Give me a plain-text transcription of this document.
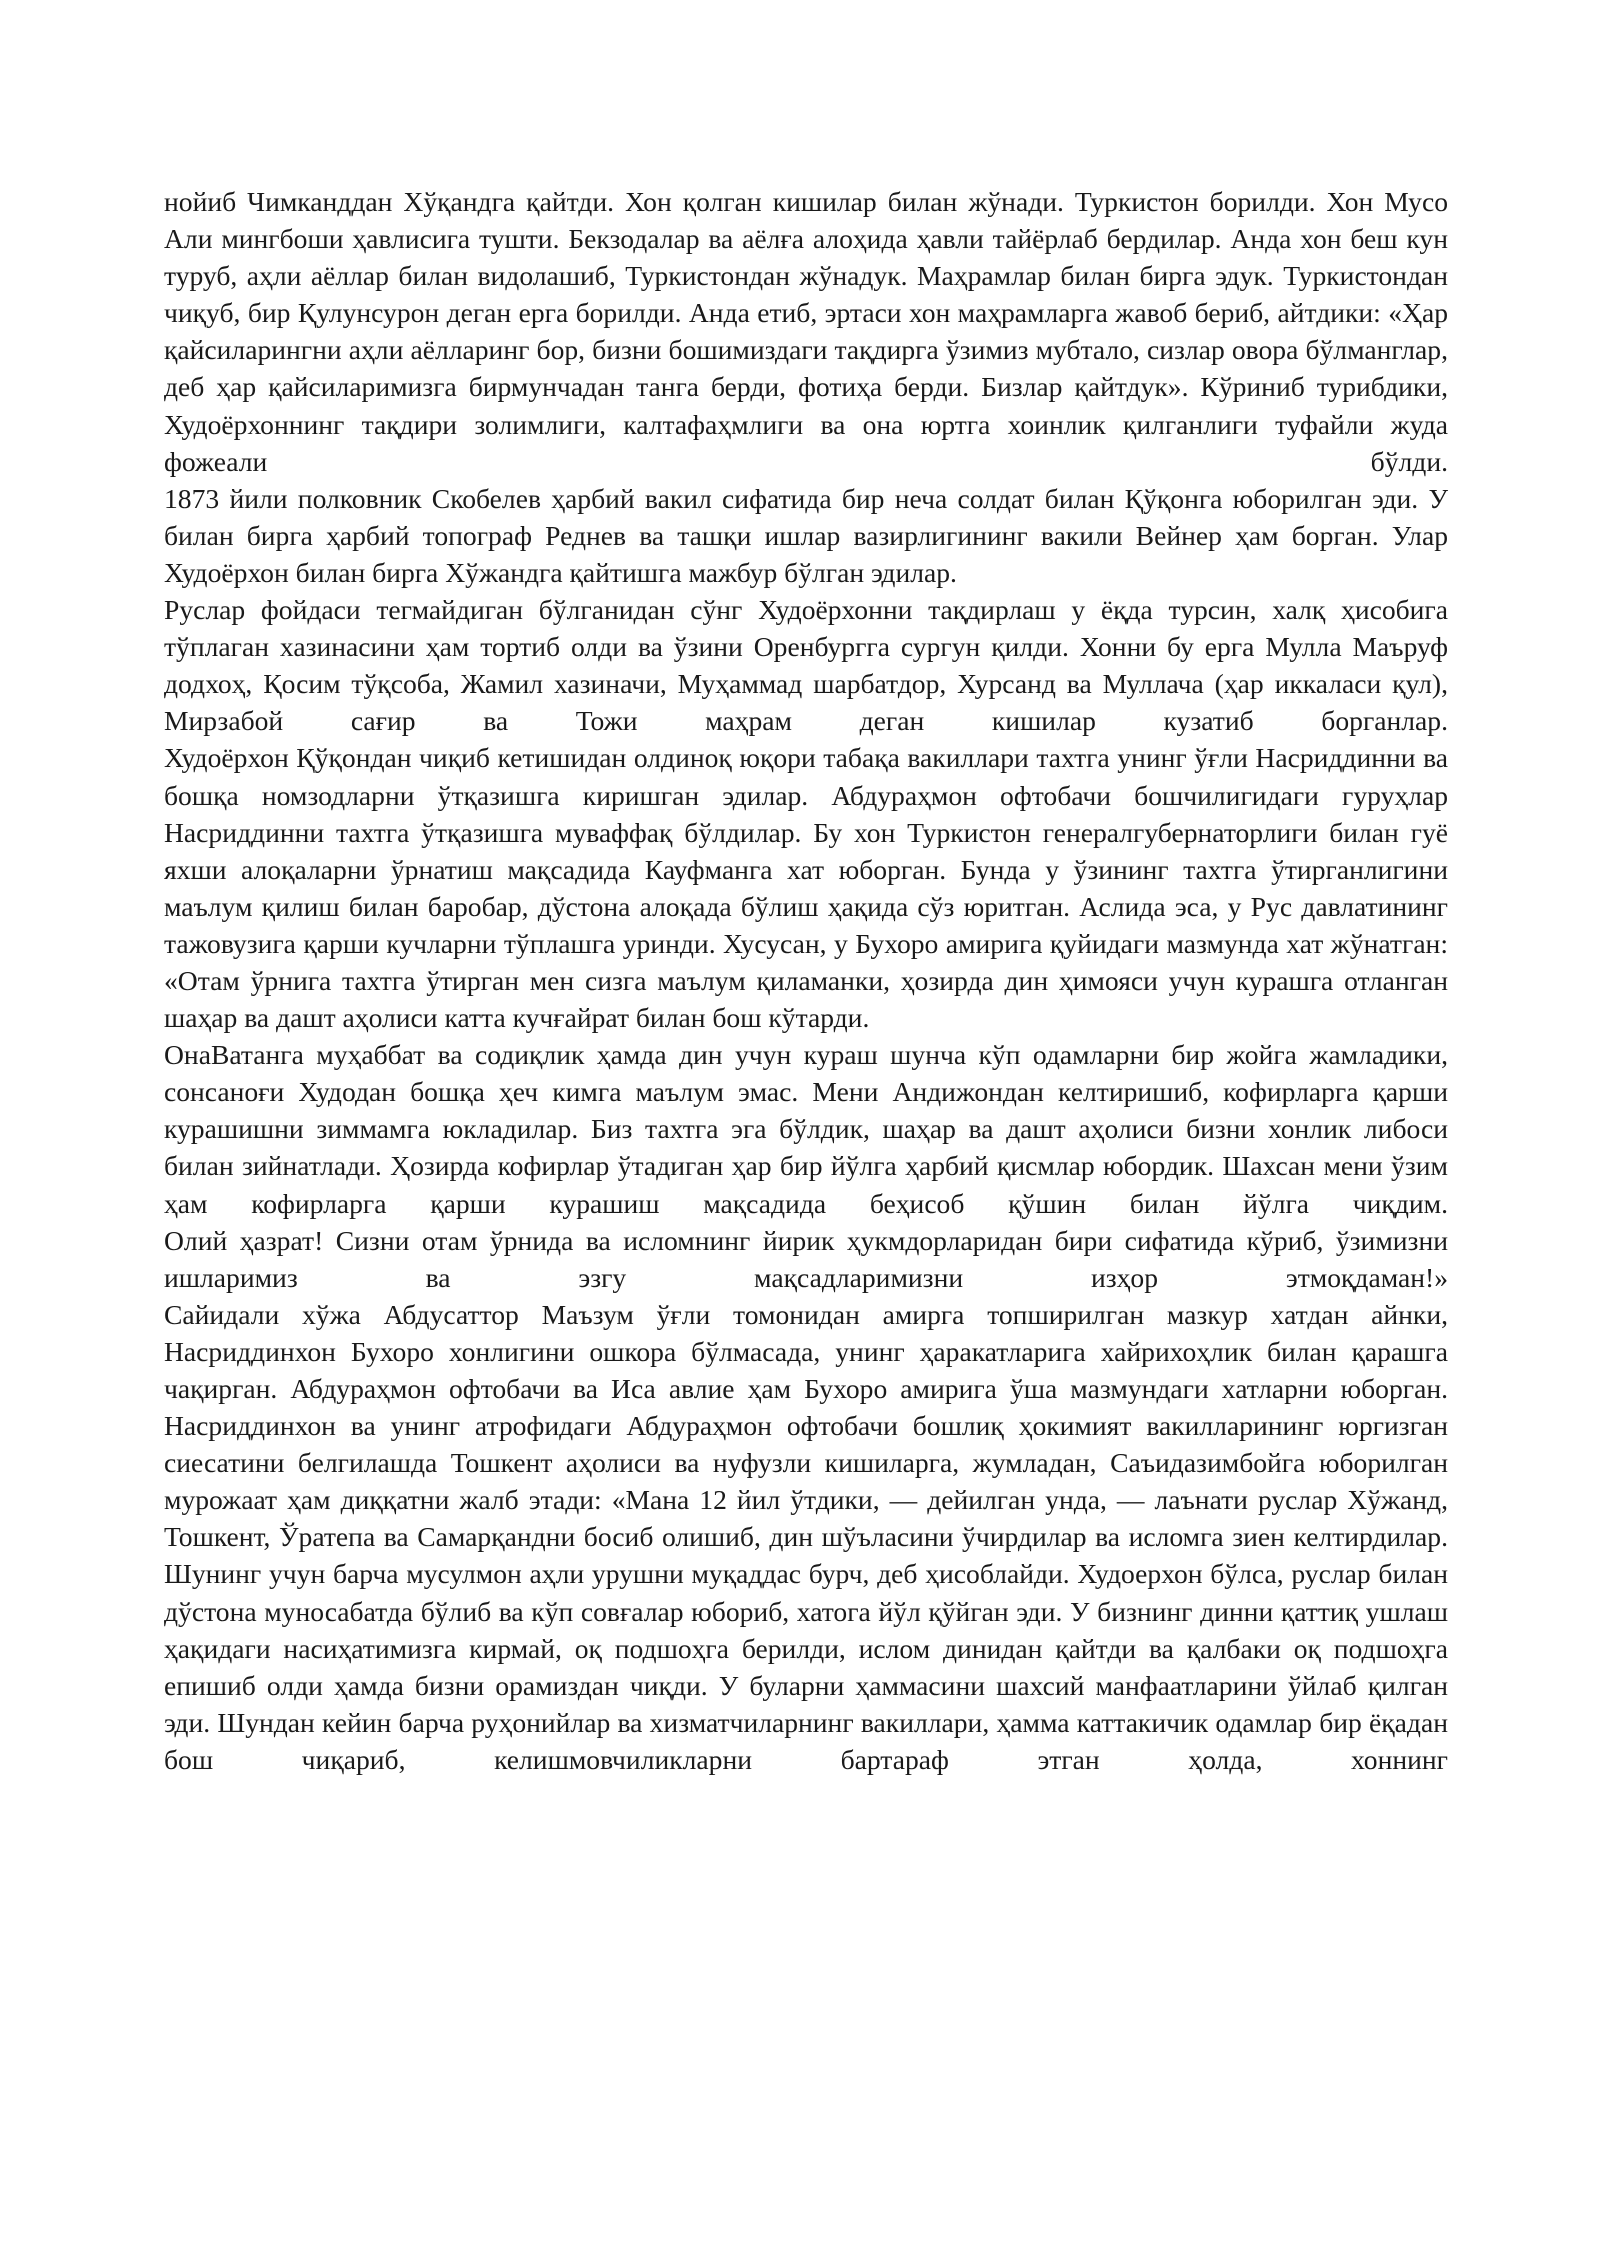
нойиб Чимканддан Хўқандга қайтди. Хон қолган кишилар билан жўнади. Туркистон борилди. Хон Мусо Али мингбоши ҳавлисига тушти. Бекзодалар ва аёлға алоҳида ҳавли тайёрлаб бердилар. Анда хон беш кун туруб, аҳли аёллар билан видолашиб, Туркистондан жўнадук. Маҳрамлар билан бирга эдук. Туркистондан чиқуб, бир Қулунсурон деган ерга борилди. Анда етиб, эртаси хон маҳрамларга жавоб бериб, айтдики: «Ҳар қайсиларингни аҳли аёлларинг бор, бизни бошимиздаги тақдирга ўзимиз мубтало, сизлар овора бўлманглар, деб ҳар қайсиларимизга бирмунчадан танга берди, фотиҳа берди. Бизлар қайтдук». Кўриниб турибдики, Худоёрхоннинг тақдири золимлиги, калтафаҳмлиги ва она юртга хоинлик қилганлиги туфайли жуда фожеали бўлди.

1873 йили полковник Скобелев ҳарбий вакил сифатида бир неча солдат билан Қўқонга юборилган эди. У билан бирга ҳарбий топограф Реднев ва ташқи ишлар вазирлигининг вакили Вейнер ҳам борган. Улар Худоёрхон билан бирга Хўжандга қайтишга мажбур бўлган эдилар.

Руслар фойдаси тегмайдиган бўлганидан сўнг Худоёрхонни тақдирлаш у ёқда турсин, халқ ҳисобига тўплаган хазинасини ҳам тортиб олди ва ўзини Оренбургга сургун қилди. Хонни бу ерга Мулла Маъруф додхоҳ, Қосим тўқсоба, Жамил хазиначи, Муҳаммад шарбатдор, Хурсанд ва Муллача (ҳар иккаласи қул), Мирзабой сағир ва Тожи маҳрам деган кишилар кузатиб борганлар.

Худоёрхон Қўқондан чиқиб кетишидан олдиноқ юқори табақа вакиллари тахтга унинг ўғли Насриддинни ва бошқа номзодларни ўтқазишга киришган эдилар. Абдураҳмон офтобачи бошчилигидаги гуруҳлар Насриддинни тахтга ўтқазишга муваффақ бўлдилар. Бу хон Туркистон генералгубернаторлиги билан гуё яхши алоқаларни ўрнатиш мақсадида Кауфманга хат юборган. Бунда у ўзининг тахтга ўтирганлигини маълум қилиш билан баробар, дўстона алоқада бўлиш ҳақида сўз юритган. Аслида эса, у Рус давлатининг тажовузига қарши кучларни тўплашга уринди. Хусусан, у Бухоро амирига қуйидаги мазмунда хат жўнатган: «Отам ўрнига тахтга ўтирган мен сизга маълум қиламанки, ҳозирда дин ҳимояси учун курашга отланган шаҳар ва дашт аҳолиси катта кучғайрат билан бош кўтарди.

ОнаВатанга муҳаббат ва содиқлик ҳамда дин учун кураш шунча кўп одамларни бир жойга жамладики, сонсаноғи Худодан бошқа ҳеч кимга маълум эмас. Мени Андижондан келтиришиб, кофирларга қарши курашишни зиммамга юкладилар. Биз тахтга эга бўлдик, шаҳар ва дашт аҳолиси бизни хонлик либоси билан зийнатлади. Ҳозирда кофирлар ўтадиган ҳар бир йўлга ҳарбий қисмлар юбордик. Шахсан мени ўзим ҳам кофирларга қарши курашиш мақсадида беҳисоб қўшин билан йўлга чиқдим.

Олий ҳазрат! Сизни отам ўрнида ва исломнинг йирик ҳукмдорларидан бири сифатида кўриб, ўзимизни ишларимиз ва эзгу мақсадларимизни изҳор этмоқдаман!»

Сайидали хўжа Абдусаттор Маъзум ўғли томонидан амирга топширилган мазкур хатдан айнки, Насриддинхон Бухоро хонлигини ошкора бўлмасада, унинг ҳаракатларига хайрихоҳлик билан қарашга чақирган. Абдураҳмон офтобачи ва Иса авлие ҳам Бухоро амирига ўша мазмундаги хатларни юборган. Насриддинхон ва унинг атрофидаги Абдураҳмон офтобачи бошлиқ ҳокимият вакилларининг юргизган сиесатини белгилашда Тошкент аҳолиси ва нуфузли кишиларга, жумладан, Саъидазимбойга юборилган мурожаат ҳам диққатни жалб этади: «Мана 12 йил ўтдики, — дейилган унда, — лаънати руслар Хўжанд, Тошкент, Ўратепа ва Самарқандни босиб олишиб, дин шўъласини ўчирдилар ва исломга зиен келтирдилар. Шунинг учун барча мусулмон аҳли урушни муқаддас бурч, деб ҳисоблайди. Худоерхон бўлса, руслар билан дўстона муносабатда бўлиб ва кўп совғалар юбориб, хатога йўл қўйган эди. У бизнинг динни қаттиқ ушлаш ҳақидаги насиҳатимизга кирмай, оқ подшоҳга берилди, ислом динидан қайтди ва қалбаки оқ подшоҳга епишиб олди ҳамда бизни орамиздан чиқди. У буларни ҳаммасини шахсий манфаатларини ўйлаб қилган эди. Шундан кейин барча руҳонийлар ва хизматчиларнинг вакиллари, ҳамма каттакичик одамлар бир ёқадан бош чиқариб, келишмовчиликларни бартараф этган ҳолда, хоннинг
